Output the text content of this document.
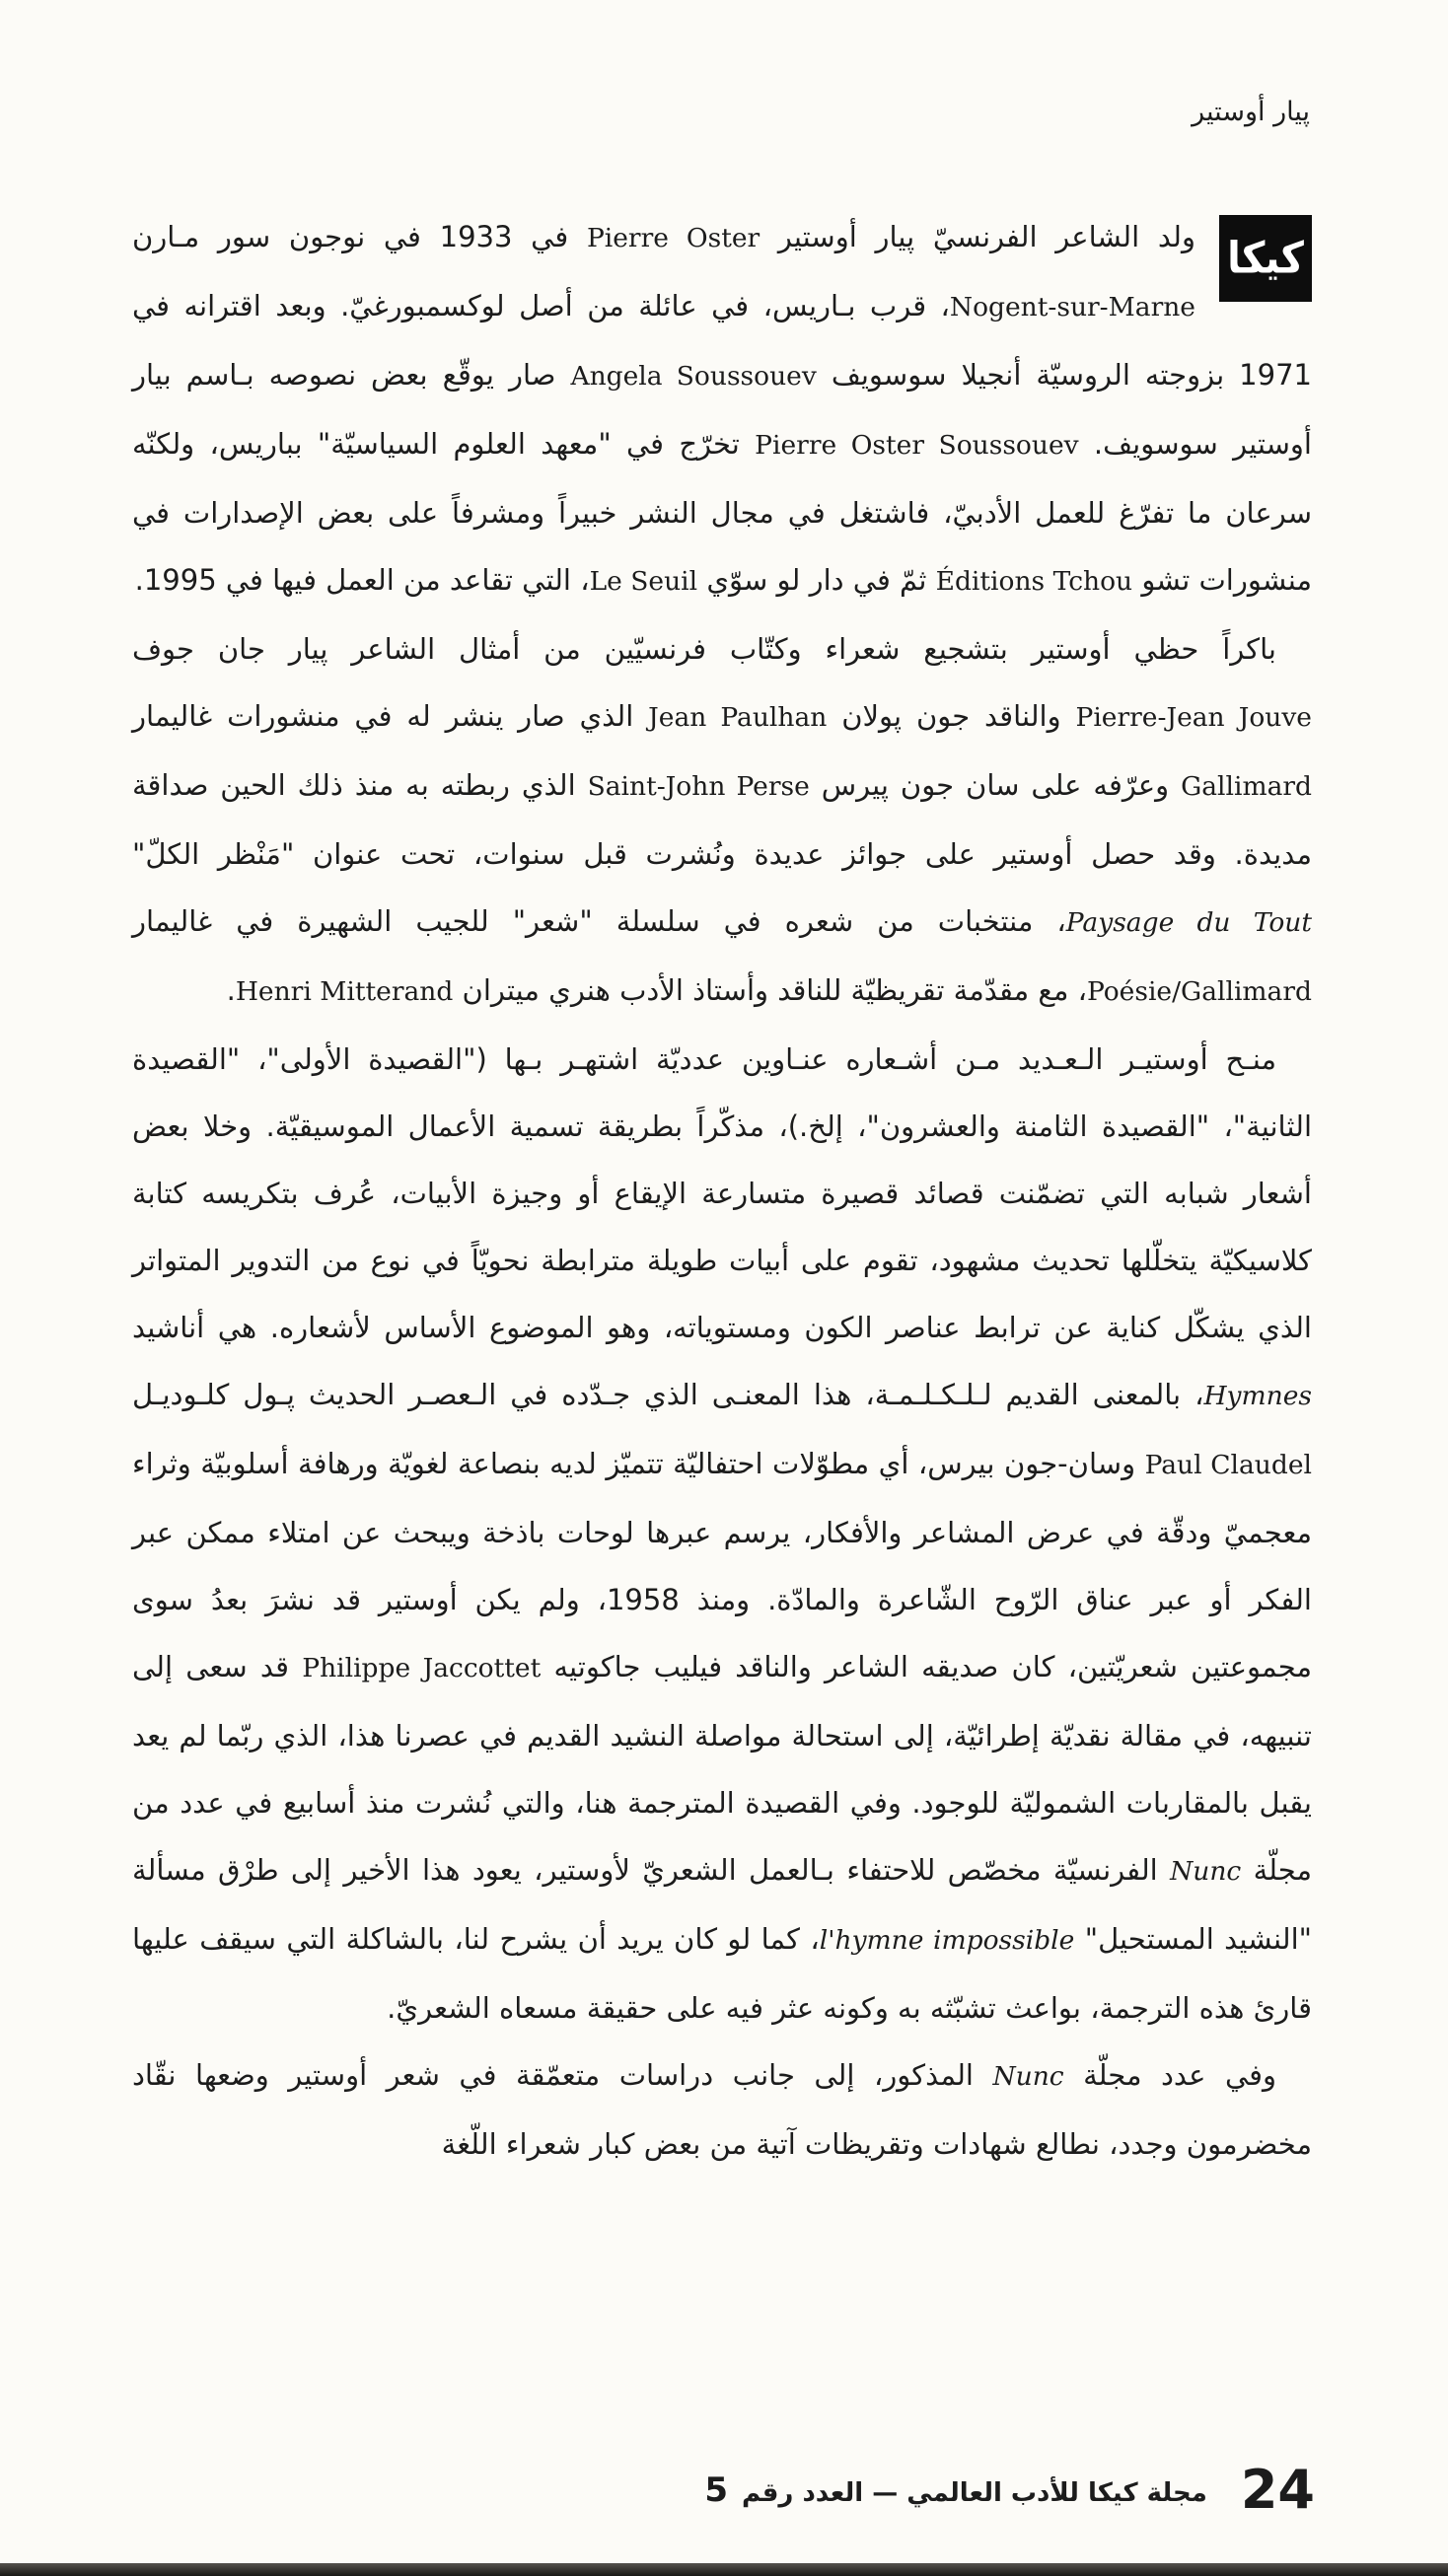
پيار أوستير
كيكا

ولد الشاعر الفرنسيّ پيار أوستير Pierre Oster في 1933 في نوجون سور مـارن Nogent-sur-Marne، قرب بـاريس، في عائلة من أصل لوكسمبورغيّ. وبعد اقترانه في 1971 بزوجته الروسيّة أنجيلا سوسويف Angela Soussouev صار يوقّع بعض نصوصه بـاسم بيار أوستير سوسويف. Pierre Oster Soussouev تخرّج في "معهد العلوم السياسيّة" بباريس، ولكنّه سرعان ما تفرّغ للعمل الأدبيّ، فاشتغل في مجال النشر خبيراً ومشرفاً على بعض الإصدارات في منشورات تشو Éditions Tchou ثمّ في دار لو سوّي Le Seuil، التي تقاعد من العمل فيها في 1995.

باكراً حظي أوستير بتشجيع شعراء وكتّاب فرنسيّين من أمثال الشاعر پيار جان جوف Pierre-Jean Jouve والناقد جون پولان Jean Paulhan الذي صار ينشر له في منشورات غاليمار Gallimard وعرّفه على سان جون پيرس Saint-John Perse الذي ربطته به منذ ذلك الحين صداقة مديدة. وقد حصل أوستير على جوائز عديدة ونُشرت قبل سنوات، تحت عنوان "مَنْظر الكلّ" Paysage du Tout، منتخبات من شعره في سلسلة "شعر" للجيب الشهيرة في غاليمار Poésie/Gallimard، مع مقدّمة تقريظيّة للناقد وأستاذ الأدب هنري ميتران Henri Mitterand.

منـح أوستيـر الـعـديد مـن أشـعاره عنـاوين عدديّة اشتهـر بـها ("القصيدة الأولى"، "القصيدة الثانية"، "القصيدة الثامنة والعشرون"، إلخ.)، مذكّراً بطريقة تسمية الأعمال الموسيقيّة. وخلا بعض أشعار شبابه التي تضمّنت قصائد قصيرة متسارعة الإيقاع أو وجيزة الأبيات، عُرف بتكريسه كتابة كلاسيكيّة يتخلّلها تحديث مشهود، تقوم على أبيات طويلة مترابطة نحويّاً في نوع من التدوير المتواتر الذي يشكّل كناية عن ترابط عناصر الكون ومستوياته، وهو الموضوع الأساس لأشعاره. هي أناشيد Hymnes، بالمعنى القديم لـلـكـلـمـة، هذا المعنـى الذي جـدّده في الـعصـر الحديث پـول كلـوديـل Paul Claudel وسان-جون بيرس، أي مطوّلات احتفاليّة تتميّز لديه بنصاعة لغويّة ورهافة أسلوبيّة وثراء معجميّ ودقّة في عرض المشاعر والأفكار، يرسم عبرها لوحات باذخة ويبحث عن امتلاء ممكن عبر الفكر أو عبر عناق الرّوح الشّاعرة والمادّة. ومنذ 1958، ولم يكن أوستير قد نشرَ بعدُ سوى مجموعتين شعريّتين، كان صديقه الشاعر والناقد فيليب جاكوتيه Philippe Jaccottet قد سعى إلى تنبيهه، في مقالة نقديّة إطرائيّة، إلى استحالة مواصلة النشيد القديم في عصرنا هذا، الذي ربّما لم يعد يقبل بالمقاربات الشموليّة للوجود. وفي القصيدة المترجمة هنا، والتي نُشرت منذ أسابيع في عدد من مجلّة Nunc الفرنسيّة مخصّص للاحتفاء بـالعمل الشعريّ لأوستير، يعود هذا الأخير إلى طرْق مسألة "النشيد المستحيل" l'hymne impossible، كما لو كان يريد أن يشرح لنا، بالشاكلة التي سيقف عليها قارئ هذه الترجمة، بواعث تشبّثه به وكونه عثر فيه على حقيقة مسعاه الشعريّ.

وفي عدد مجلّة Nunc المذكور، إلى جانب دراسات متعمّقة في شعر أوستير وضعها نقّاد مخضرمون وجدد، نطالع شهادات وتقريظات آتية من بعض كبار شعراء اللّغة

24
مجلة كيكا للأدب العالمي — العدد رقم
5
